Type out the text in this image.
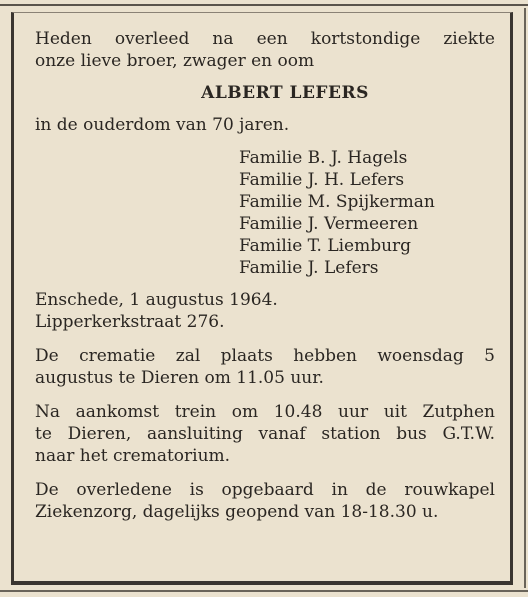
Heden overleed na een kortstondige ziekte
onze lieve broer, zwager en oom

ALBERT LEFERS

in de ouderdom van 70 jaren.

Familie B. J. Hagels
Familie J. H. Lefers
Familie M. Spijkerman
Familie J. Vermeeren
Familie T. Liemburg
Familie J. Lefers

Enschede, 1 augustus 1964.
Lipperkerkstraat 276.

De crematie zal plaats hebben woensdag 5
augustus te Dieren om 11.05 uur.

Na aankomst trein om 10.48 uur uit Zutphen
te Dieren, aansluiting vanaf station bus G.T.W.
naar het crematorium.

De overledene is opgebaard in de rouwkapel
Ziekenzorg, dagelijks geopend van 18-18.30 u.
